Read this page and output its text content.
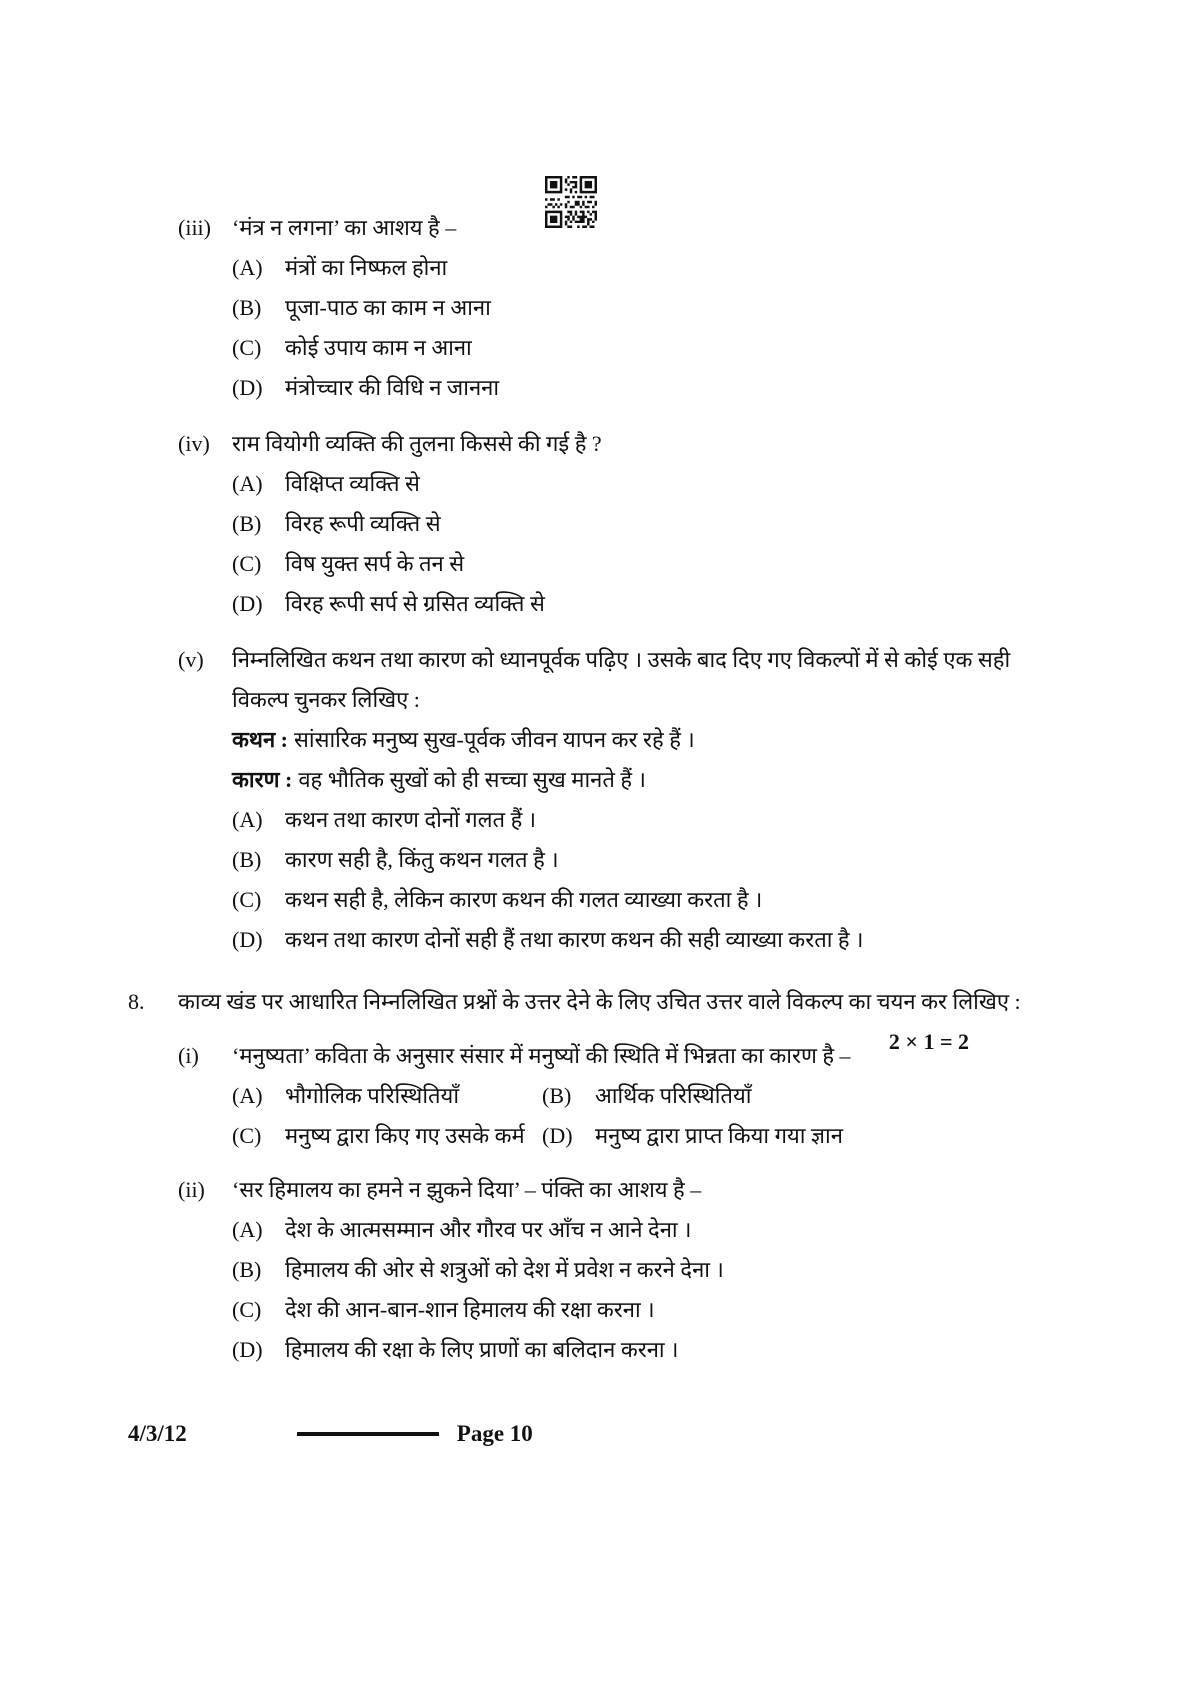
(iii) ‘मंत्र न लगना’ का आशय है –
(A)	मंत्रों का निष्फल होना
(B)	पूजा-पाठ का काम न आना
(C)	कोई उपाय काम न आना
(D)	मंत्रोच्चार की विधि न जानना
(iv)	राम वियोगी व्यक्ति की तुलना किससे की गई है ?
(A)	विक्षिप्त व्यक्ति से
(B)	विरह रूपी व्यक्ति से
(C)	विष युक्त सर्प के तन से
(D)	विरह रूपी सर्प से ग्रसित व्यक्ति से
(v)	निम्नलिखित कथन तथा कारण को ध्यानपूर्वक पढ़िए । उसके बाद दिए गए विकल्पों में से कोई एक सही विकल्प चुनकर लिखिए :
कथन : सांसारिक मनुष्य सुख-पूर्वक जीवन यापन कर रहे हैं ।
कारण : वह भौतिक सुखों को ही सच्चा सुख मानते हैं ।
(A)	कथन तथा कारण दोनों गलत हैं ।
(B)	कारण सही है, किंतु कथन गलत है ।
(C)	कथन सही है, लेकिन कारण कथन की गलत व्याख्या करता है ।
(D)	कथन तथा कारण दोनों सही हैं तथा कारण कथन की सही व्याख्या करता है ।
8. काव्य खंड पर आधारित निम्नलिखित प्रश्नों के उत्तर देने के लिए उचित उत्तर वाले विकल्प का चयन कर लिखिए :
2 × 1 = 2
(i)	‘मनुष्यता’ कविता के अनुसार संसार में मनुष्यों की स्थिति में भिन्नता का कारण है –
(A)	भौगोलिक परिस्थितियाँ	(B)	आर्थिक परिस्थितियाँ
(C)	मनुष्य द्वारा किए गए उसके कर्म (D)	मनुष्य द्वारा प्राप्त किया गया ज्ञान
(ii)	‘सर हिमालय का हमने न झुकने दिया’ – पंक्ति का आशय है –
(A)	देश के आत्मसम्मान और गौरव पर आँच न आने देना ।
(B)	हिमालय की ओर से शत्रुओं को देश में प्रवेश न करने देना ।
(C)	देश की आन-बान-शान हिमालय की रक्षा करना ।
(D)	हिमालय की रक्षा के लिए प्राणों का बलिदान करना ।
4/3/12	Page 10
